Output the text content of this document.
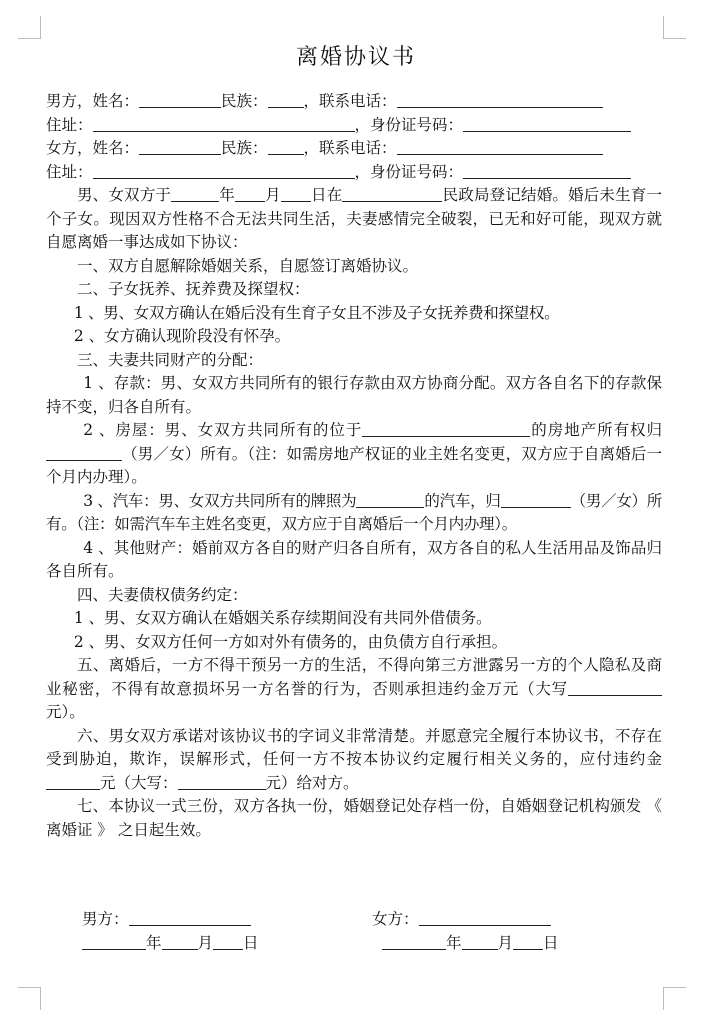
离婚协议书
男方，姓名：	民族： ，联系电话：
住址：	，身份证号码：
女方，姓名：	民族： ，联系电话：
住址：	，身份证号码：
男、女双方于	年 月 日在	民政局登记结婚。婚后未生育一个子女。现因双方性格不合无法共同生活，夫妻感情完全破裂，已无和好可能，现双方就自愿离婚一事达成如下协议：
一、双方自愿解除婚姻关系，自愿签订离婚协议。
二、子女抚养、抚养费及探望权：
1 、男、女双方确认在婚后没有生育子女且不涉及子女抚养费和探望权。
2 、女方确认现阶段没有怀孕。
三、夫妻共同财产的分配：
1 、存款：男、女双方共同所有的银行存款由双方协商分配。双方各自名下的存款保持不变，归各自所有。
2 、房屋：男、女双方共同所有的位于	的房地产所有权归（男／女）所有。（注：如需房地产权证的业主姓名变更，双方应于自离婚后一个月内办理）。
3 、汽车：男、女双方共同所有的牌照为	的汽车，归	（男／女）所有。（注：如需汽车车主姓名变更，双方应于自离婚后一个月内办理）。
4 、其他财产：婚前双方各自的财产归各自所有，双方各自的私人生活用品及饰品归各自所有。
四、夫妻债权债务约定：
1 、男、女双方确认在婚姻关系存续期间没有共同外借债务。
2 、男、女双方任何一方如对外有债务的，由负债方自行承担。
五、离婚后，一方不得干预另一方的生活，不得向第三方泄露另一方的个人隐私及商业秘密，不得有故意损坏另一方名誉的行为，否则承担违约金万元（大写元）。
六、男女双方承诺对该协议书的字词义非常清楚。并愿意完全履行本协议书，不存在受到胁迫，欺诈，误解形式，任何一方不按本协议约定履行相关义务的，应付违约金元（大写：	元）给对方。
七、本协议一式三份，双方各执一份，婚姻登记处存档一份，自婚姻登记机构颁发 《 离婚证 》 之日起生效。
男方：	女方：
年 月 日	年 月 日
